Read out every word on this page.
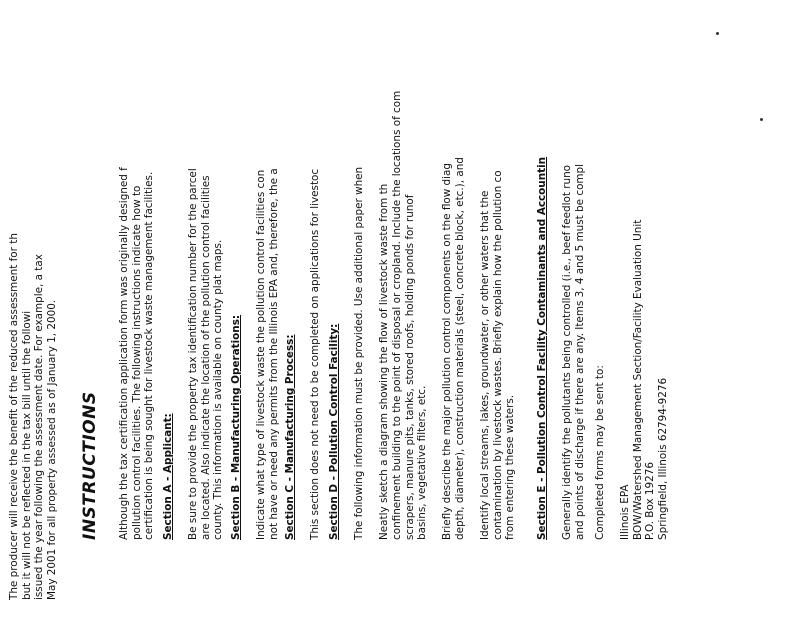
The producer will receive the benefit of the reduced assessment for th but it will not be reflected in the tax bill until the followi issued the year following the assessment date. For example, a tax May 2001 for all property assessed as of January 1, 2000. INSTRUCTIONS Although the tax certification application form was originally designed f pollution control facilities. The following instructions indicate how to certification is being sought for livestock waste management facilities. Section A - Applicant:
Be sure to provide the property tax identification number for the parcel are located. Also indicate the location of the pollution control facilities county. This information is available on county plat maps. Section B - Manufacturing Operations:
Indicate what type of livestock waste the pollution control facilities con not have or need any permits from the Illinois EPA and, therefore, the a Section C - Manufacturing Process:
This section does not need to be completed on applications for livestoc Section D - Pollution Control Facility:
The following information must be provided. Use additional paper when
Neatly sketch a diagram showing the flow of livestock waste from th confinement building to the point of disposal or cropland. Include the locations of com scrapers, manure pits, tanks, stored roofs, holding ponds for runof basins, vegetative filters, etc.
Briefly describe the major pollution control components on the flow diag depth, diameter), construction materials (steel, concrete block, etc.), and
Identify local streams, lakes, groundwater, or other waters that the contamination by livestock wastes. Briefly explain how the pollution co from entering these waters. Section E - Pollution Control Facility Contaminants and Accountin
Generally identify the pollutants being controlled (i.e., beef feedlot runo and points of discharge if there are any. Items 3, 4 and 5 must be compl Completed forms may be sent to:
Illinois EPA BOW/Watershed Management Section/Facility Evaluation Unit P.O. Box 19276 Springfield, Illinois 62794-9276
